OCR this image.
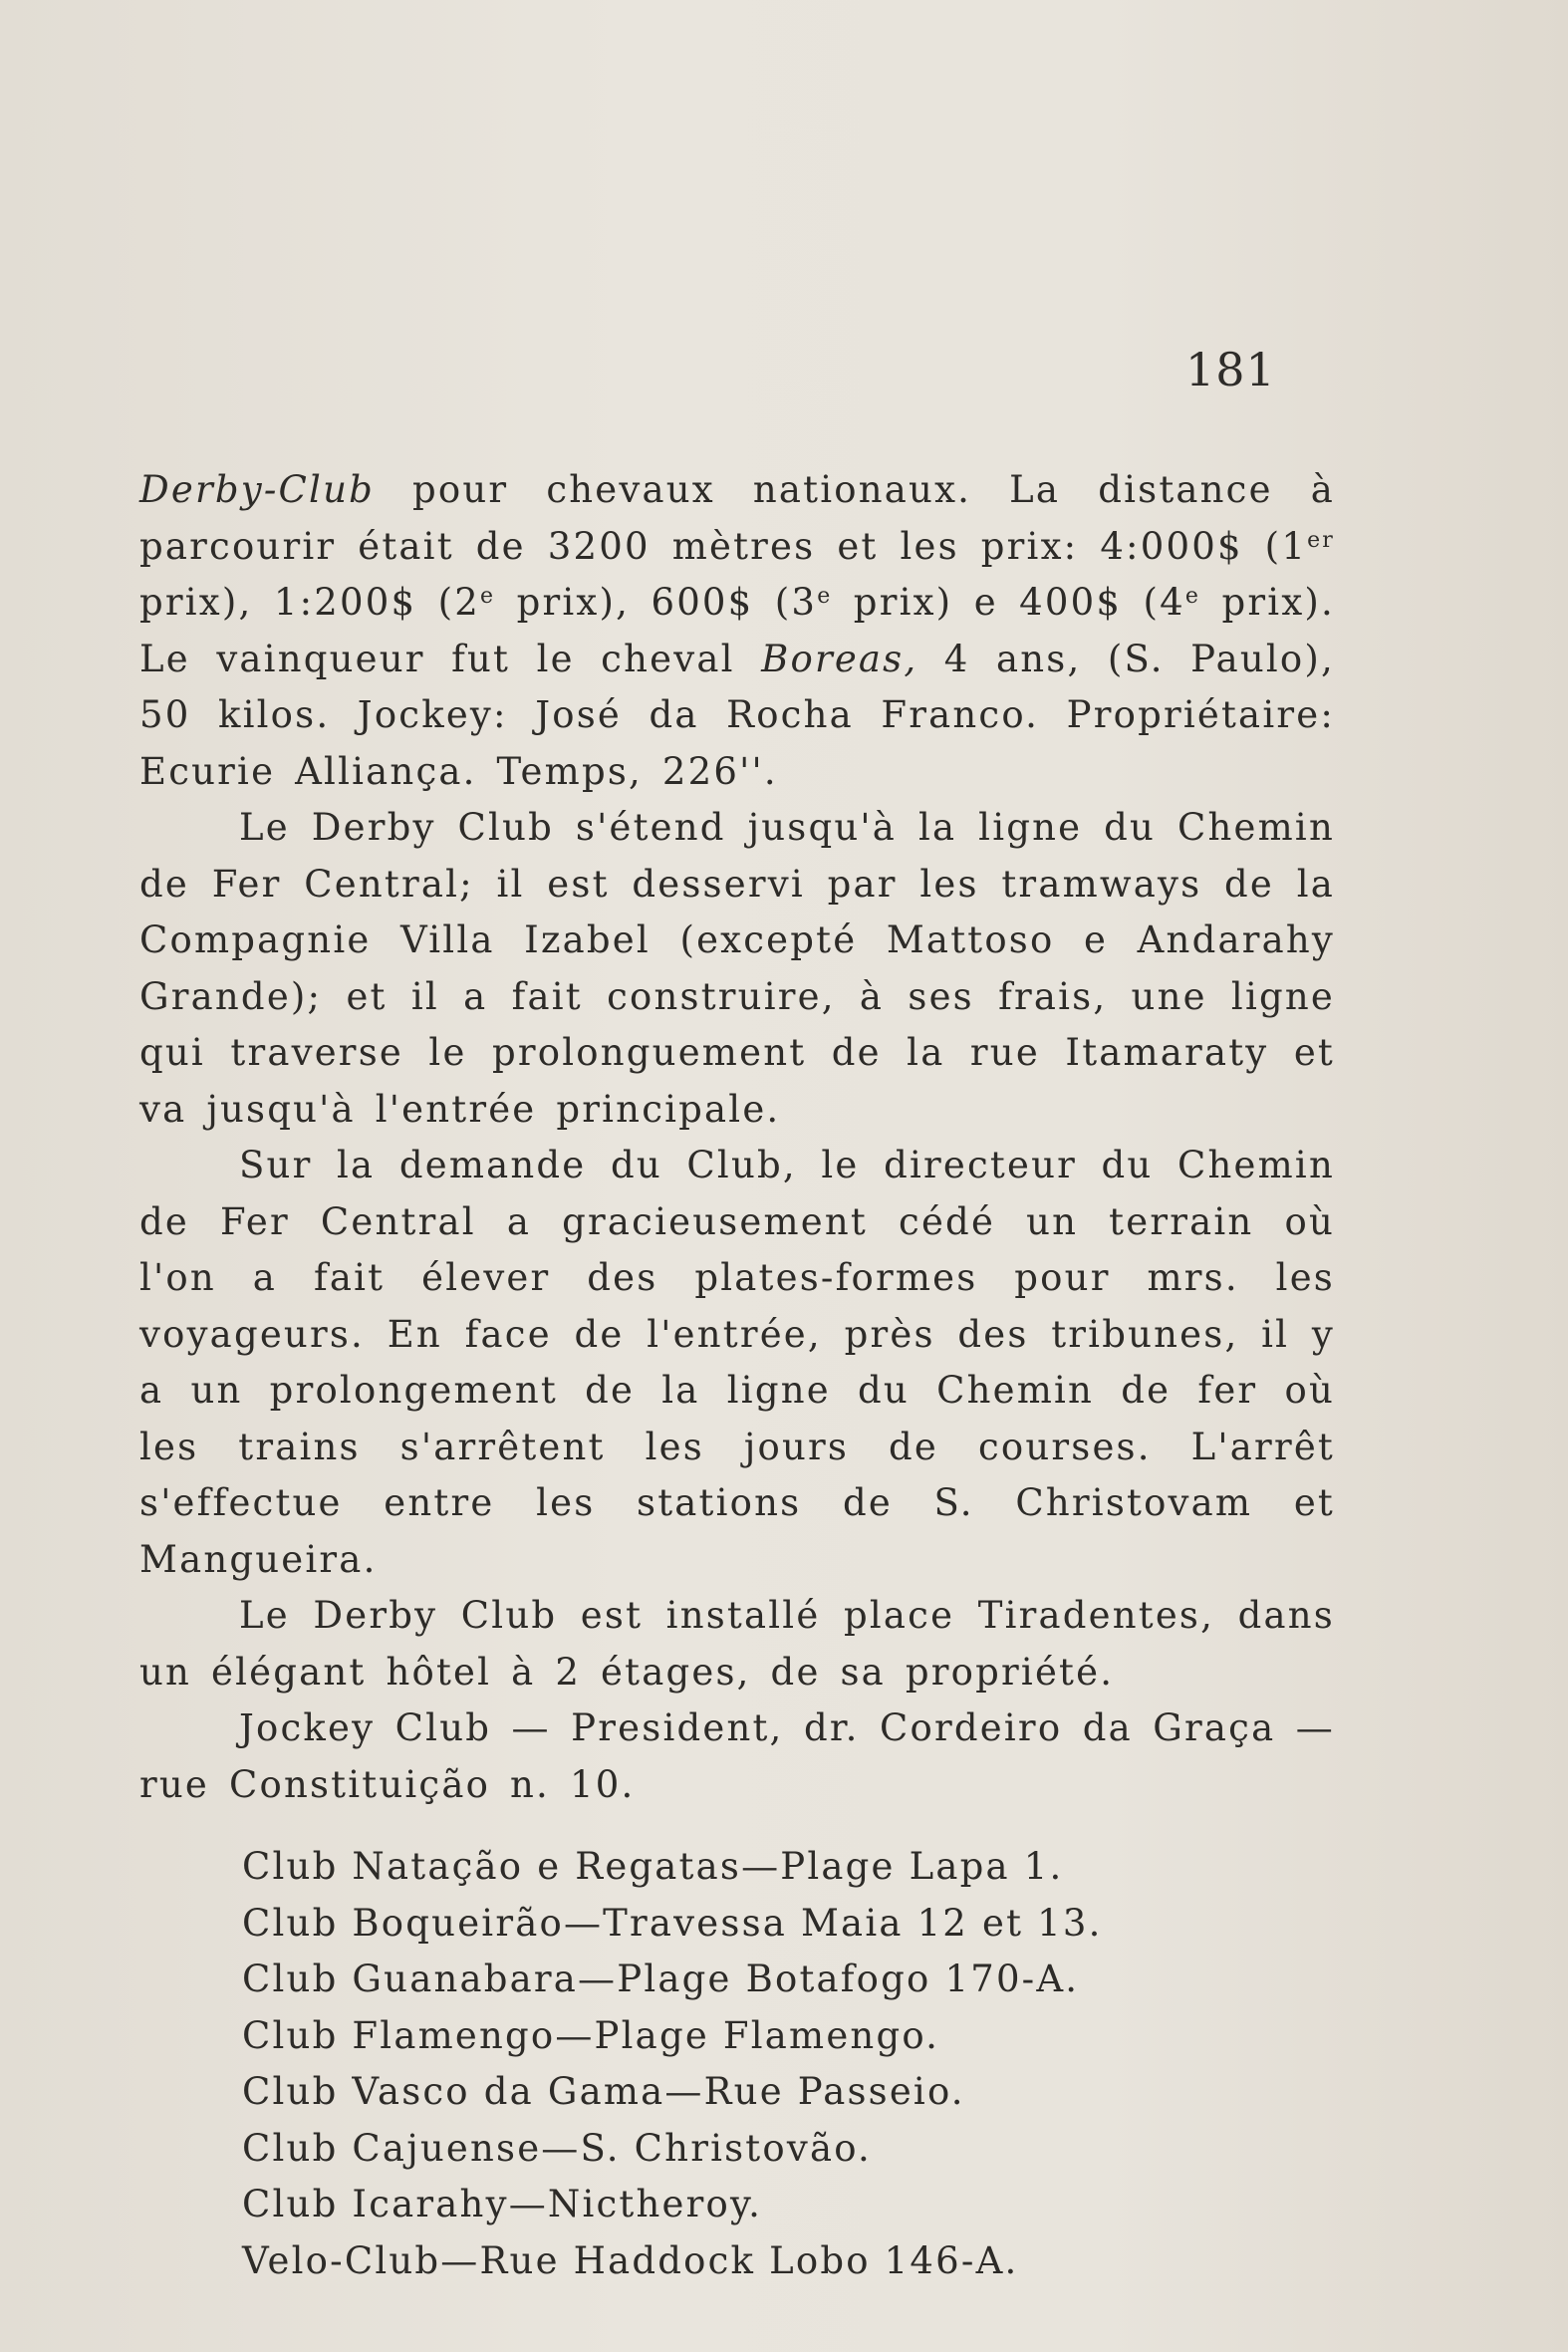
181

Derby-Club pour chevaux nationaux. La distance à parcourir était de 3200 mètres et les prix: 4:000$ (1er prix), 1:200$ (2e prix), 600$ (3e prix) e 400$ (4e prix). Le vainqueur fut le cheval Boreas, 4 ans, (S. Paulo), 50 kilos. Jockey: José da Rocha Franco. Propriétaire: Ecurie Alliança. Temps, 226''.

Le Derby Club s'étend jusqu'à la ligne du Chemin de Fer Central; il est desservi par les tramways de la Compagnie Villa Izabel (excepté Mattoso e Andarahy Grande); et il a fait construire, à ses frais, une ligne qui traverse le prolonguement de la rue Itamaraty et va jusqu'à l'entrée principale.

Sur la demande du Club, le directeur du Chemin de Fer Central a gracieusement cédé un terrain où l'on a fait élever des plates-formes pour mrs. les voyageurs. En face de l'entrée, près des tribunes, il y a un prolongement de la ligne du Chemin de fer où les trains s'arrêtent les jours de courses. L'arrêt s'effectue entre les stations de S. Christovam et Mangueira.

Le Derby Club est installé place Tiradentes, dans un élégant hôtel à 2 étages, de sa propriété.

Jockey Club — President, dr. Cordeiro da Graça — rue Constituição n. 10.

Club Natação e Regatas—Plage Lapa 1.
Club Boqueirão—Travessa Maia 12 et 13.
Club Guanabara—Plage Botafogo 170-A.
Club Flamengo—Plage Flamengo.
Club Vasco da Gama—Rue Passeio.
Club Cajuense—S. Christovão.
Club Icarahy—Nictheroy.
Velo-Club—Rue Haddock Lobo 146-A.
